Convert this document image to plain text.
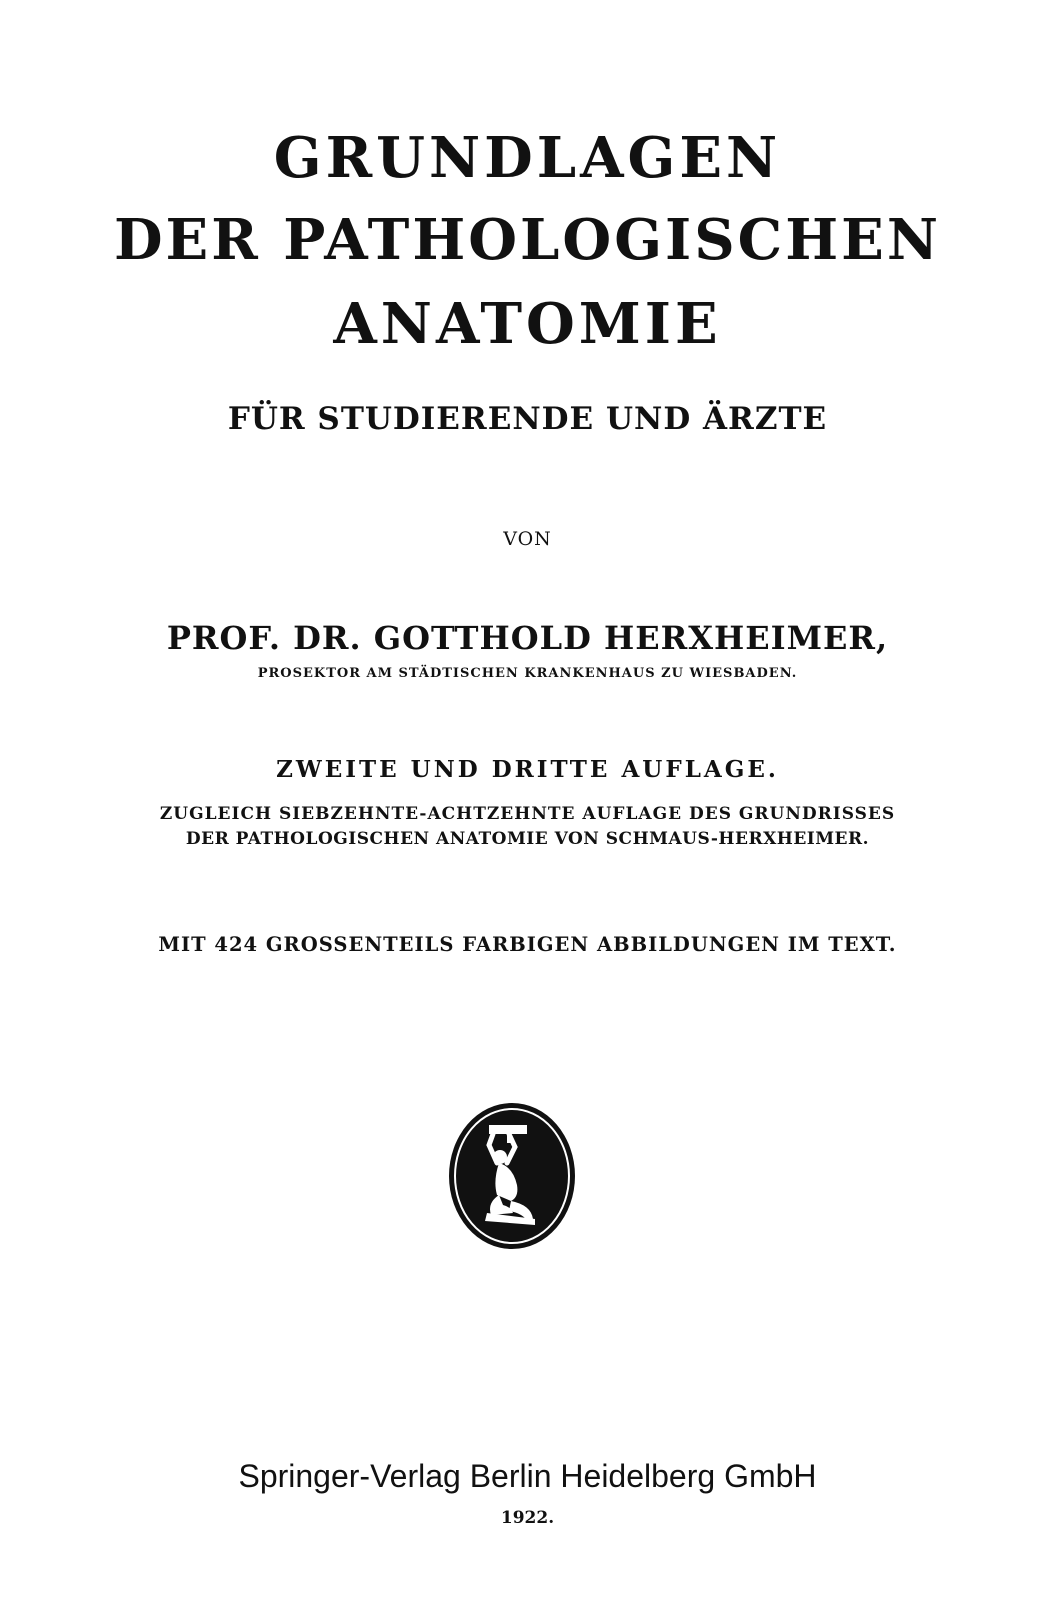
GRUNDLAGEN
DER PATHOLOGISCHEN
ANATOMIE
FÜR STUDIERENDE UND ÄRZTE
VON
PROF. DR. GOTTHOLD HERXHEIMER,
PROSEKTOR AM STÄDTISCHEN KRANKENHAUS ZU WIESBADEN.
ZWEITE UND DRITTE AUFLAGE.
ZUGLEICH SIEBZEHNTE-ACHTZEHNTE AUFLAGE DES GRUNDRISSES
DER PATHOLOGISCHEN ANATOMIE VON SCHMAUS-HERXHEIMER.
MIT 424 GROSSENTEILS FARBIGEN ABBILDUNGEN IM TEXT.
Springer-Verlag Berlin Heidelberg GmbH
1922.
